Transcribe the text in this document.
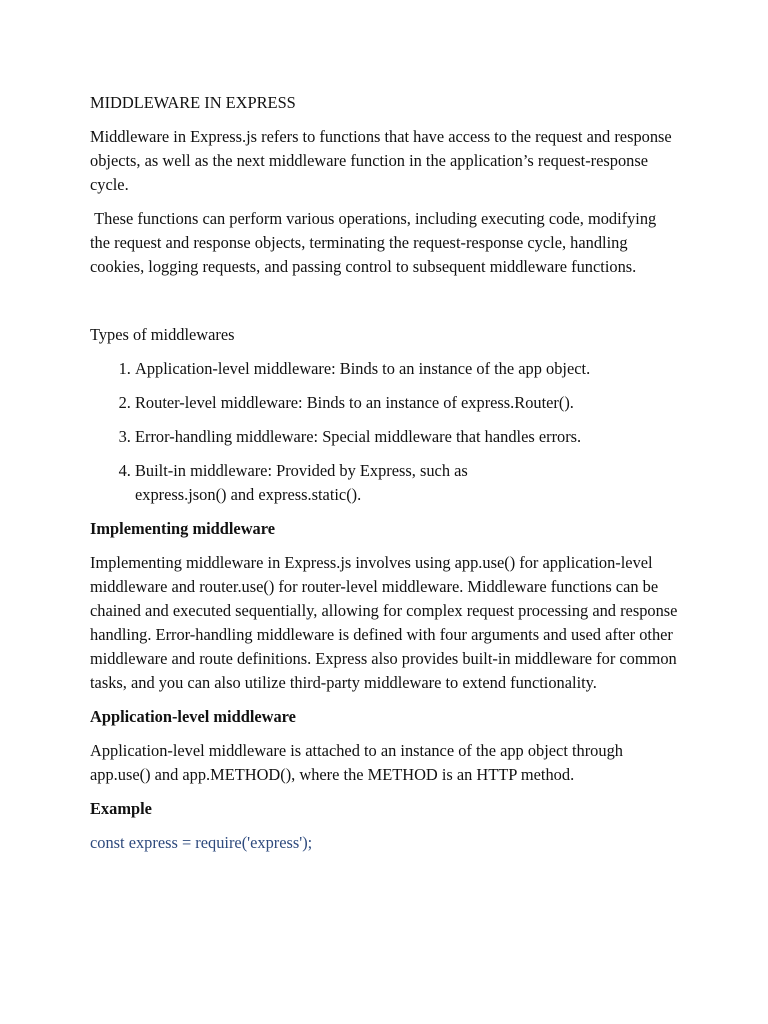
MIDDLEWARE IN EXPRESS

Middleware in Express.js refers to functions that have access to the request and response objects, as well as the next middleware function in the application’s request-response cycle.

These functions can perform various operations, including executing code, modifying the request and response objects, terminating the request-response cycle, handling cookies, logging requests, and passing control to subsequent middleware functions.

Types of middlewares

1. Application-level middleware: Binds to an instance of the app object.
2. Router-level middleware: Binds to an instance of express.Router().
3. Error-handling middleware: Special middleware that handles errors.
4. Built-in middleware: Provided by Express, such as express.json() and express.static().

Implementing middleware

Implementing middleware in Express.js involves using app.use() for application-level middleware and router.use() for router-level middleware. Middleware functions can be chained and executed sequentially, allowing for complex request processing and response handling. Error-handling middleware is defined with four arguments and used after other middleware and route definitions. Express also provides built-in middleware for common tasks, and you can also utilize third-party middleware to extend functionality.

Application-level middleware

Application-level middleware is attached to an instance of the app object through app.use() and app.METHOD(), where the METHOD is an HTTP method.

Example

const express = require('express');
